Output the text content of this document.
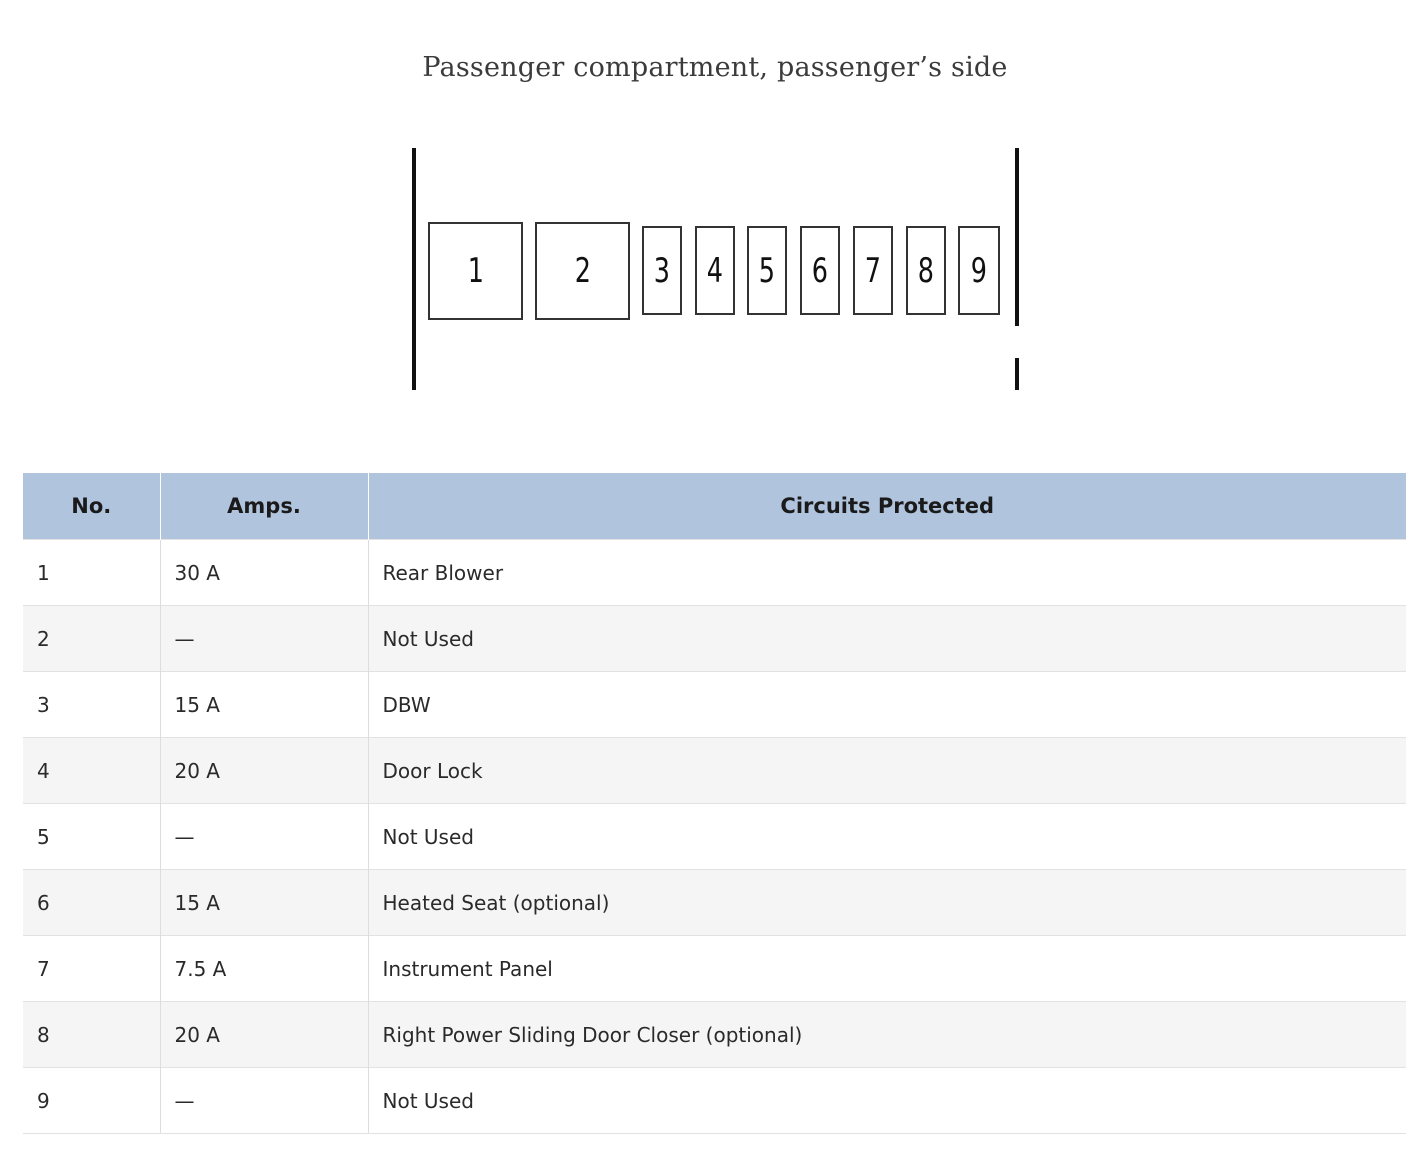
Passenger compartment, passenger’s side
1	2 3 4 5 6 7 8 9
No.	Amps.	Circuits Protected
1	30 A	Rear Blower
2	—	Not Used
3	15 A	DBW
4	20 A	Door Lock
5	—	Not Used
6	15 A	Heated Seat (optional)
7	7.5 A	Instrument Panel
8	20 A	Right Power Sliding Door Closer (optional)
9	—	Not Used
